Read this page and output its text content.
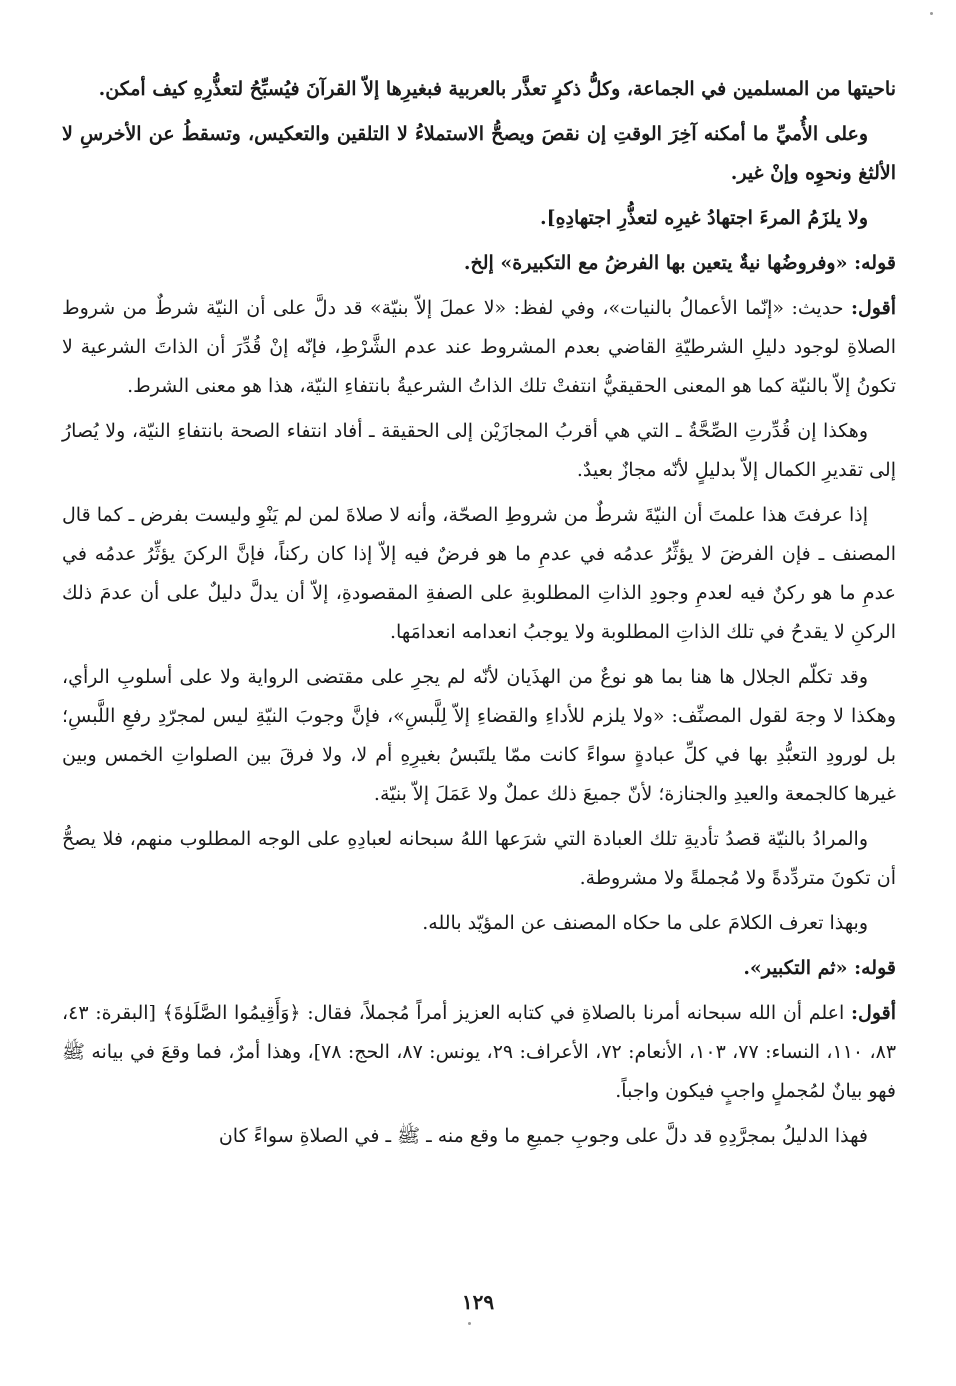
ناحيتها من المسلمين في الجماعة، وكلُّ ذكرٍ تعذَّر بالعربية فبغيرِها إلاّ القرآنَ فيُسبِّحُ لتعذُّرِهِ كيف أمكن.

وعلى الأُميِّ ما أمكنه آخِرَ الوقتِ إن نقصَ ويصحُّ الاستملاءُ لا التلقين والتعكيس، وتسقطُ عن الأخرسِ لا الألثغ ونحوِه وإنْ غير.

ولا يلزَمُ المرءَ اجتهادُ غيرِه لتعذُّرِ اجتهادِهِ].

قوله: «وفروضُها نيةٌ يتعين بها الفرضُ مع التكبيرة» إلخ.

أقول: حديث: «إنّما الأعمالُ بالنيات»، وفي لفظ: «لا عملَ إلاّ بنيّة» قد دلَّ على أن النيّة شرطٌ من شروط الصلاةِ لوجود دليلِ الشرطيّةِ القاضي بعدم المشروط عند عدم الشَّرْطِ، فإنّه إنْ قُدِّرَ أن الذاتَ الشرعية لا تكونُ إلاّ بالنيّة كما هو المعنى الحقيقيُّ انتفتْ تلك الذاتُ الشرعيةُ بانتفاءِ النيّة، هذا هو معنى الشرط.

وهكذا إن قُدِّرتِ الصِّحَّةُ ـ التي هي أقربُ المجازَيْن إلى الحقيقة ـ أفاد انتفاء الصحة بانتفاءِ النيّة، ولا يُصارُ إلى تقديرِ الكمال إلاّ بدليلٍ لأنّه مجازٌ بعيدٌ.

إذا عرفتَ هذا علمتَ أن النيّةَ شرطٌ من شروطِ الصحّة، وأنه لا صلاةَ لمن لم يَنْوِ وليست بفرض ـ كما قال المصنف ـ فإن الفرضَ لا يؤثِّرُ عدمُه في عدمِ ما هو فرضٌ فيه إلاّ إذا كان ركناً، فإنَّ الركنَ يؤثِّرُ عدمُه في عدمِ ما هو ركنٌ فيه لعدمِ وجودِ الذاتِ المطلوبةِ على الصفةِ المقصودةِ، إلاّ أن يدلَّ دليلٌ على أن عدمَ ذلك الركنِ لا يقدحُ في تلك الذاتِ المطلوبة ولا يوجبُ انعدامه انعدامَها.

وقد تكلّم الجلال ها هنا بما هو نوعٌ من الهذَيان لأنّه لم يجرِ على مقتضى الرواية ولا على أسلوبِ الرأي، وهكذا لا وجهَ لقول المصنِّف: «ولا يلزم للأداءِ والقضاءِ إلاّ لِلَّبسِ»، فإنَّ وجوبَ النيّةِ ليس لمجرّدِ رفعِ اللَّبسِ؛ بل لورودِ التعبُّدِ بها في كلِّ عبادةٍ سواءً كانت ممّا يلتَبسُ بغيرِهِ أم لا، ولا فرقَ بين الصلواتِ الخمس وبين غيرها كالجمعة والعيدِ والجنازة؛ لأنّ جميعَ ذلك عملٌ ولا عَمَلَ إلاّ بنيّة.

والمرادُ بالنيّة قصدُ تأديةِ تلك العبادة التي شرَعها اللهُ سبحانه لعبادِهِ على الوجه المطلوب منهم، فلا يصحُّ أن تكونَ متردِّدةً ولا مُجملةً ولا مشروطة.

وبهذا تعرف الكلامَ على ما حكاه المصنف عن المؤيّد بالله.

قوله: «ثم التكبير».

أقول: اعلم أن الله سبحانه أمرنا بالصلاةِ في كتابه العزيز أمراً مُجملاً، فقال: ﴿وَأَقِيمُوا الصَّلَوٰةَ﴾ [البقرة: ٤٣، ٨٣، ١١٠، النساء: ٧٧، ١٠٣، الأنعام: ٧٢، الأعراف: ٢٩، يونس: ٨٧، الحج: ٧٨]، وهذا أمرٌ، فما وقعَ في بيانه ﷺ فهو بيانٌ لمُجملٍ واجبٍ فيكون واجباً.

فهذا الدليلُ بمجرَّدِهِ قد دلَّ على وجوبِ جميعِ ما وقع منه ـ ﷺ ـ في الصلاةِ سواءً كان

١٢٩
